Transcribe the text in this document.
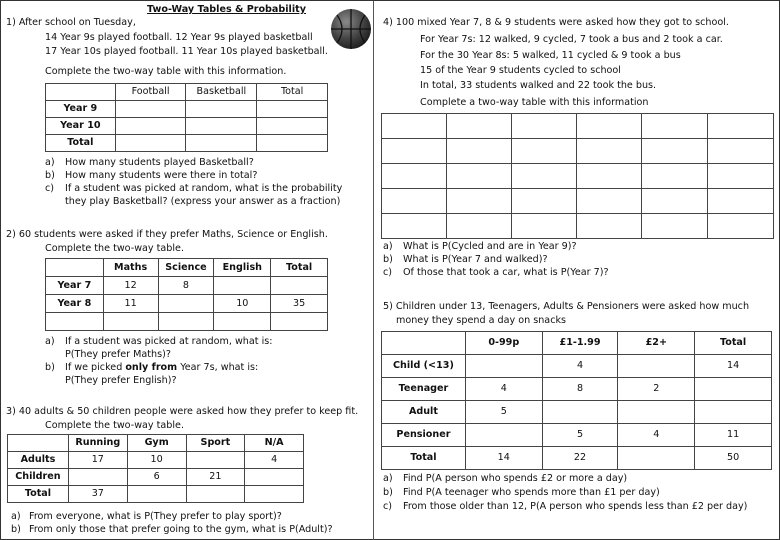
Two-Way Tables & Probability
1) After school on Tuesday,
14 Year 9s played football. 12 Year 9s played basketball
17 Year 10s played football. 11 Year 10s played basketball.
Complete the two-way table with this information.
	Football	Basketball	Total
Year 9			
Year 10			
Total			
a) How many students played Basketball?
b) How many students were there in total?
c) If a student was picked at random, what is the probability
they play Basketball? (express your answer as a fraction)
2) 60 students were asked if they prefer Maths, Science or English.
Complete the two-way table.
	Maths	Science	English	Total
Year 7	12	8		
Year 8	11		10	35

a) If a student was picked at random, what is:
P(They prefer Maths)?
b) If we picked only from Year 7s, what is:
P(They prefer English)?
3) 40 adults & 50 children people were asked how they prefer to keep fit.
Complete the two-way table.
	Running	Gym	Sport	N/A
Adults	17	10		4
Children		6	21	
Total	37			
a) From everyone, what is P(They prefer to play sport)?
b) From only those that prefer going to the gym, what is P(Adult)?
4) 100 mixed Year 7, 8 & 9 students were asked how they got to school.
For Year 7s: 12 walked, 9 cycled, 7 took a bus and 2 took a car.
For the 30 Year 8s: 5 walked, 11 cycled & 9 took a bus
15 of the Year 9 students cycled to school
In total, 33 students walked and 22 took the bus.
Complete a two-way table with this information

a) What is P(Cycled and are in Year 9)?
b) What is P(Year 7 and walked)?
c) Of those that took a car, what is P(Year 7)?
5) Children under 13, Teenagers, Adults & Pensioners were asked how much
money they spend a day on snacks
	0-99p	£1-1.99	£2+	Total
Child (<13)		4		14
Teenager	4	8	2	
Adult	5			
Pensioner		5	4	11
Total	14	22		50
a) Find P(A person who spends £2 or more a day)
b) Find P(A teenager who spends more than £1 per day)
c) From those older than 12, P(A person who spends less than £2 per day)
